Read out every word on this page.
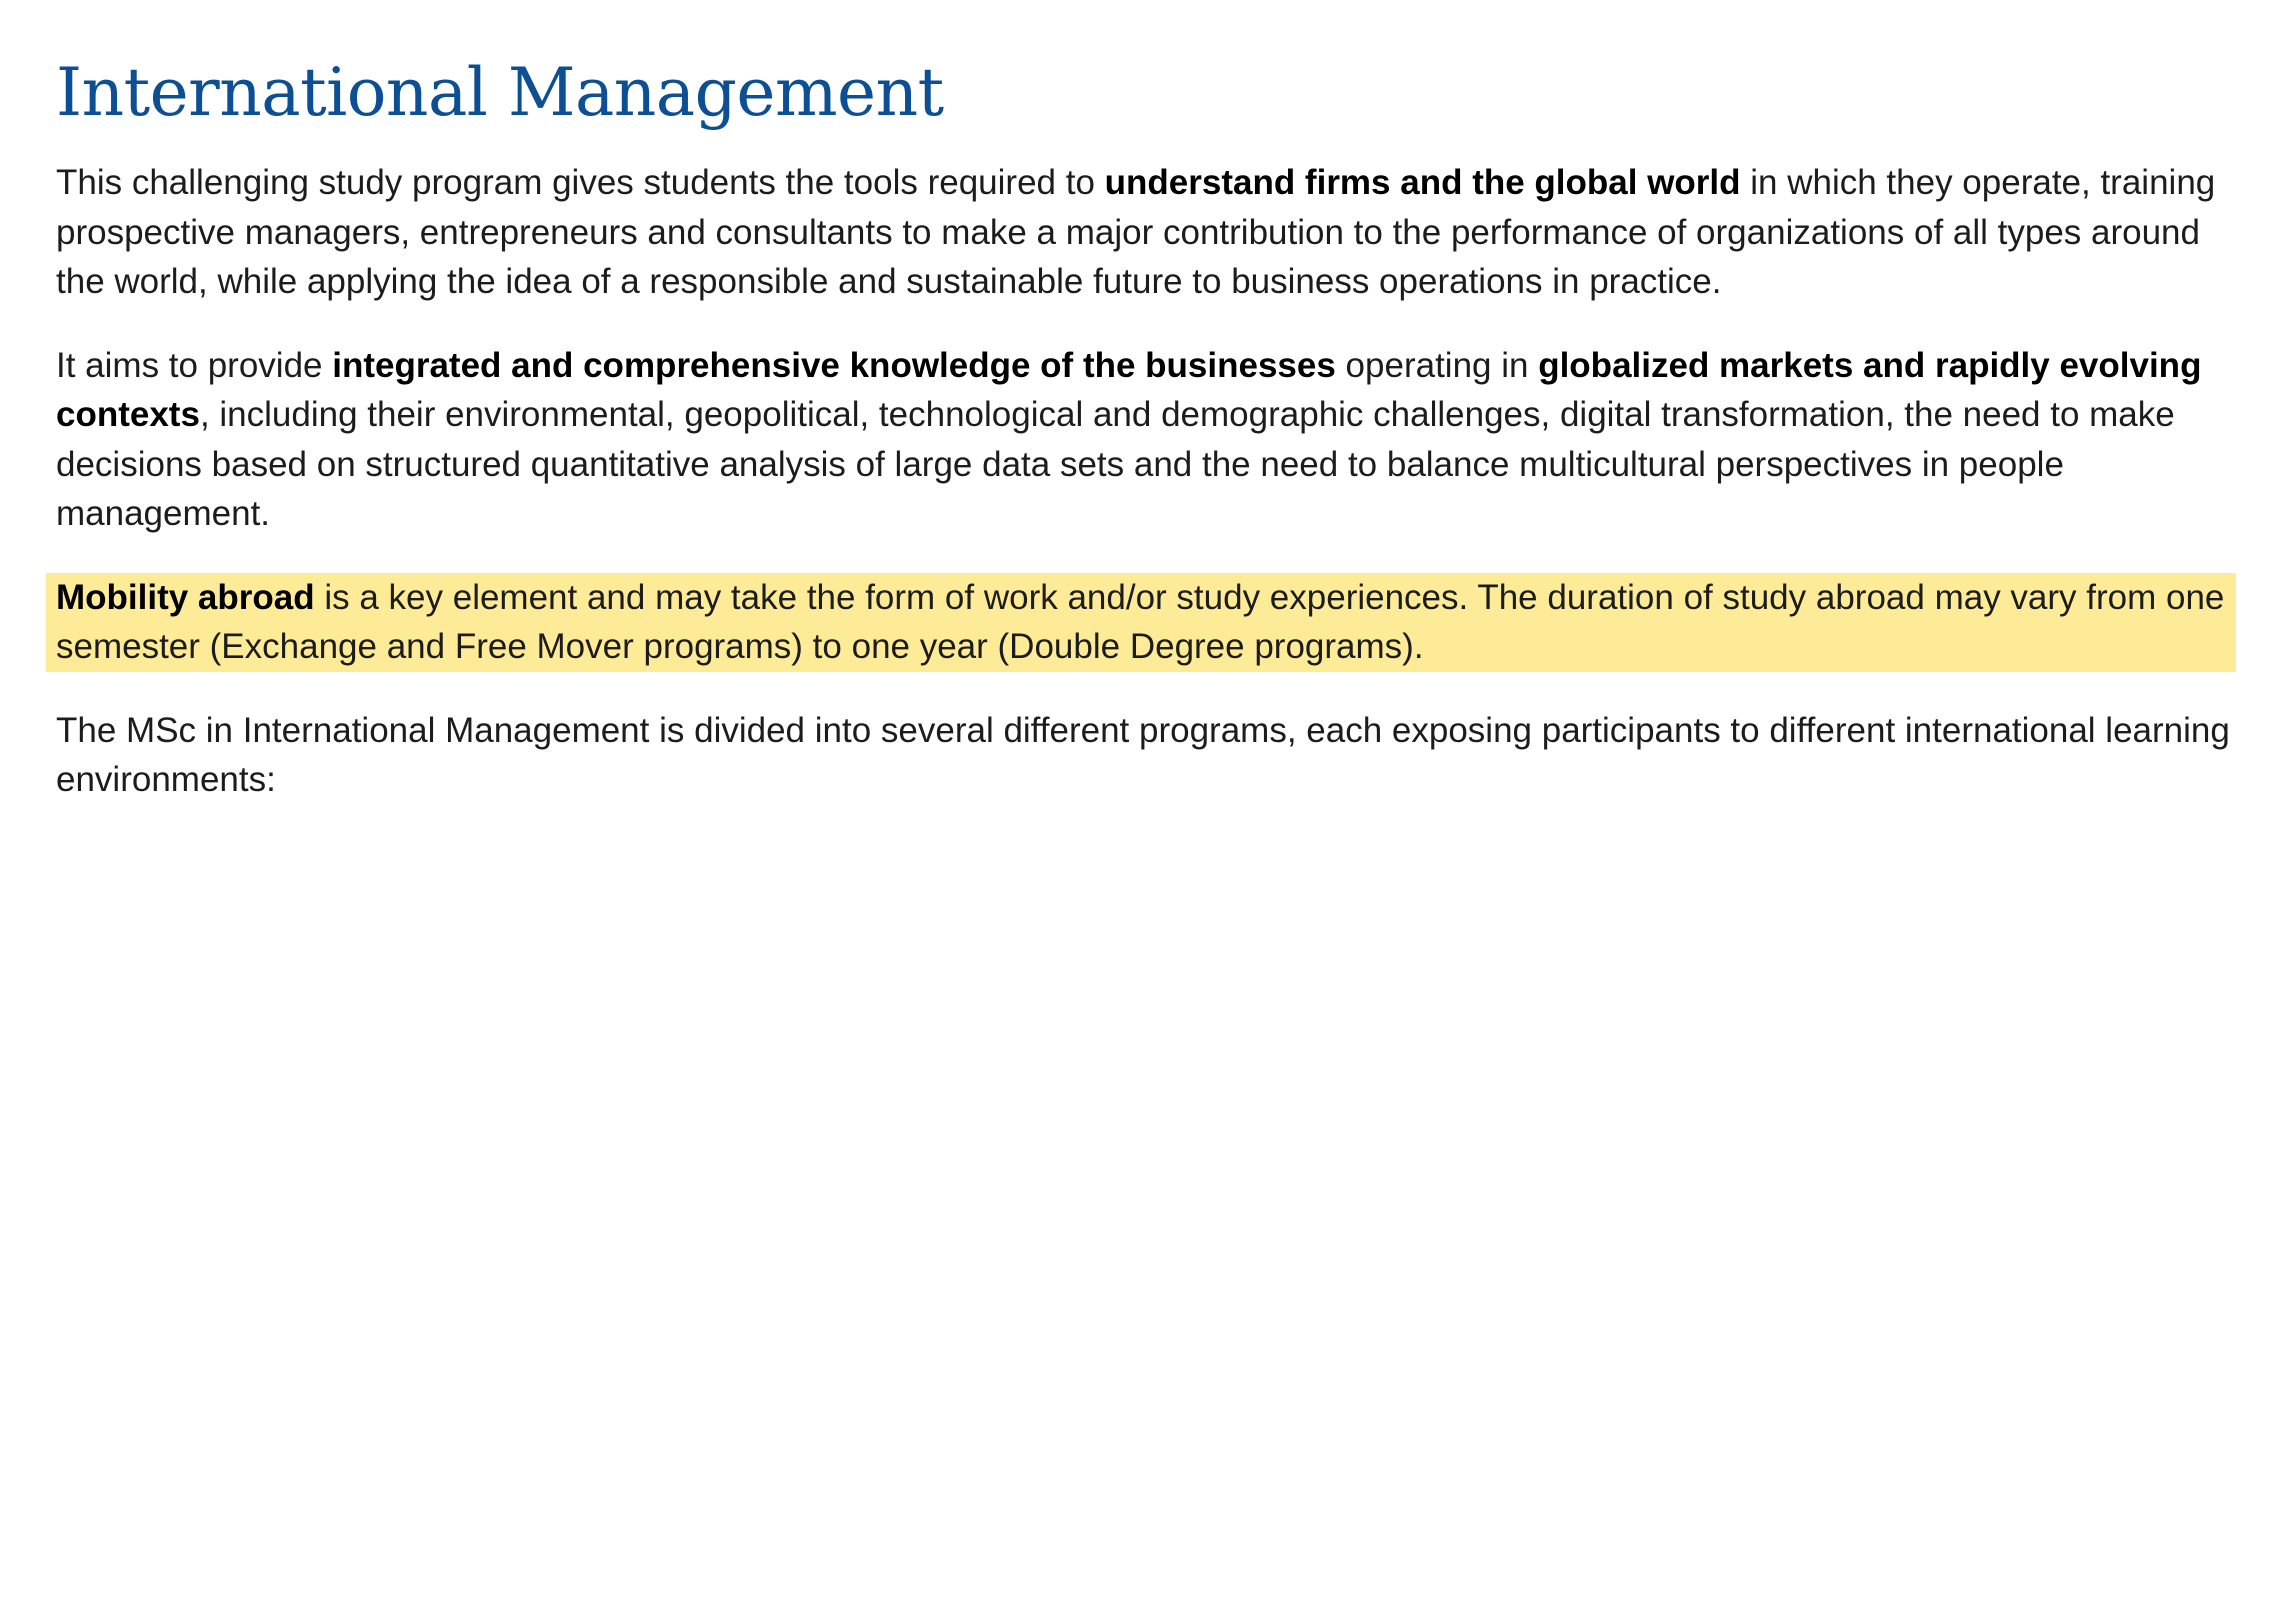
International Management

This challenging study program gives students the tools required to understand firms and the global world in which they operate, training prospective managers, entrepreneurs and consultants to make a major contribution to the performance of organizations of all types around the world, while applying the idea of a responsible and sustainable future to business operations in practice.

It aims to provide integrated and comprehensive knowledge of the businesses operating in globalized markets and rapidly evolving contexts, including their environmental, geopolitical, technological and demographic challenges, digital transformation, the need to make decisions based on structured quantitative analysis of large data sets and the need to balance multicultural perspectives in people management.

Mobility abroad is a key element and may take the form of work and/or study experiences. The duration of study abroad may vary from one semester (Exchange and Free Mover programs) to one year (Double Degree programs).

The MSc in International Management is divided into several different programs, each exposing participants to different international learning environments:
